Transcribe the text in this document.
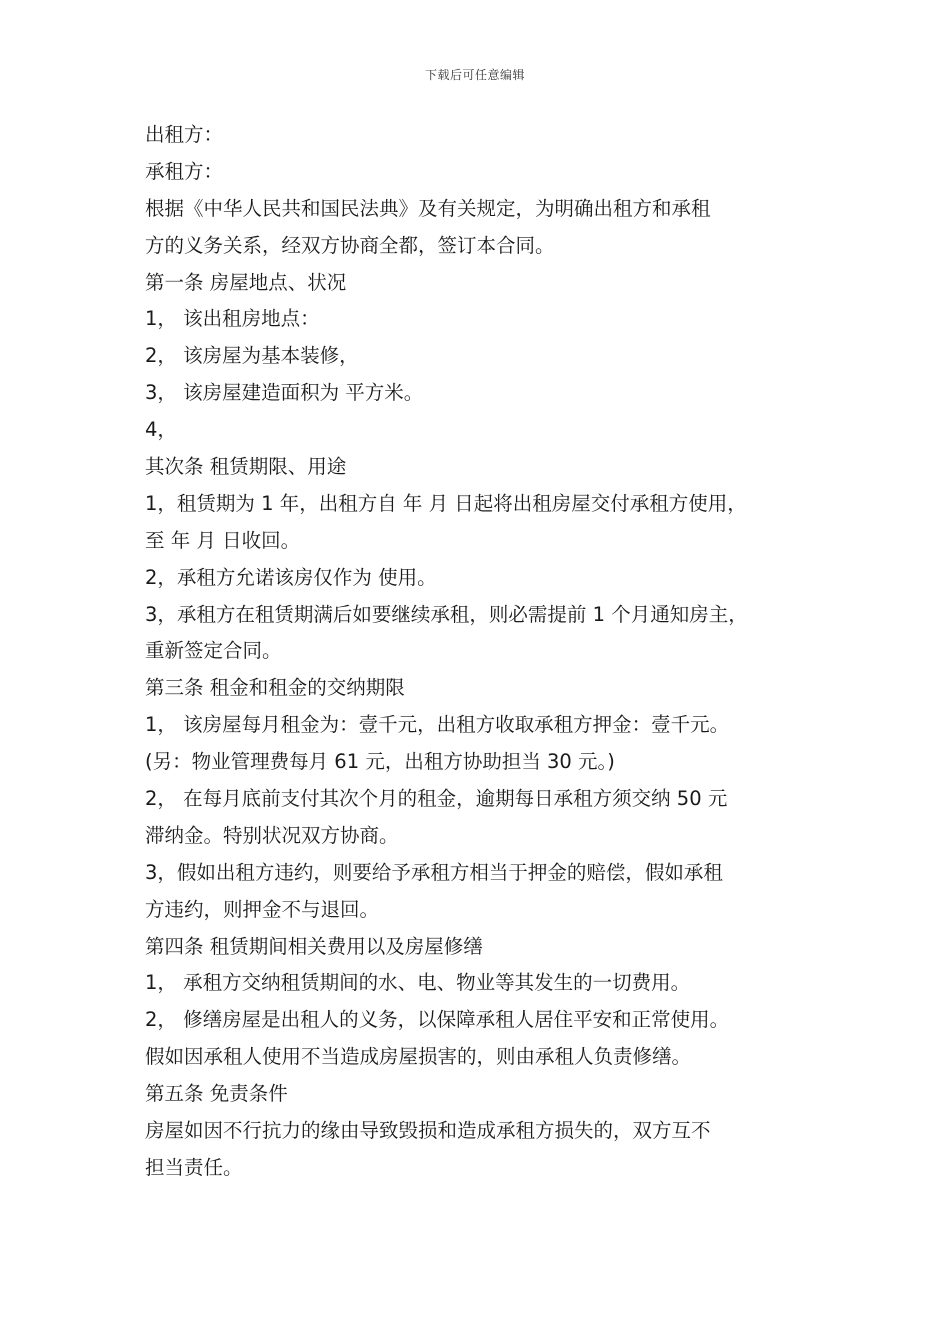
下载后可任意编辑
出租方：
承租方：
根据《中华人民共和国民法典》及有关规定，为明确出租方和承租
方的义务关系，经双方协商全都，签订本合同。
第一条 房屋地点、状况
1， 该出租房地点：
2， 该房屋为基本装修，
3， 该房屋建造面积为 平方米。
4，
其次条 租赁期限、用途
1，租赁期为 1 年，出租方自 年 月 日起将出租房屋交付承租方使用，
至 年 月 日收回。
2，承租方允诺该房仅作为 使用。
3，承租方在租赁期满后如要继续承租，则必需提前 1 个月通知房主，
重新签定合同。
第三条 租金和租金的交纳期限
1， 该房屋每月租金为：壹千元，出租方收取承租方押金：壹千元。
(另：物业管理费每月 61 元，出租方协助担当 30 元。)
2， 在每月底前支付其次个月的租金，逾期每日承租方须交纳 50 元
滞纳金。特别状况双方协商。
3，假如出租方违约，则要给予承租方相当于押金的赔偿，假如承租
方违约，则押金不与退回。
第四条 租赁期间相关费用以及房屋修缮
1， 承租方交纳租赁期间的水、电、物业等其发生的一切费用。
2， 修缮房屋是出租人的义务，以保障承租人居住平安和正常使用。
假如因承租人使用不当造成房屋损害的，则由承租人负责修缮。
第五条 免责条件
房屋如因不行抗力的缘由导致毁损和造成承租方损失的，双方互不
担当责任。
